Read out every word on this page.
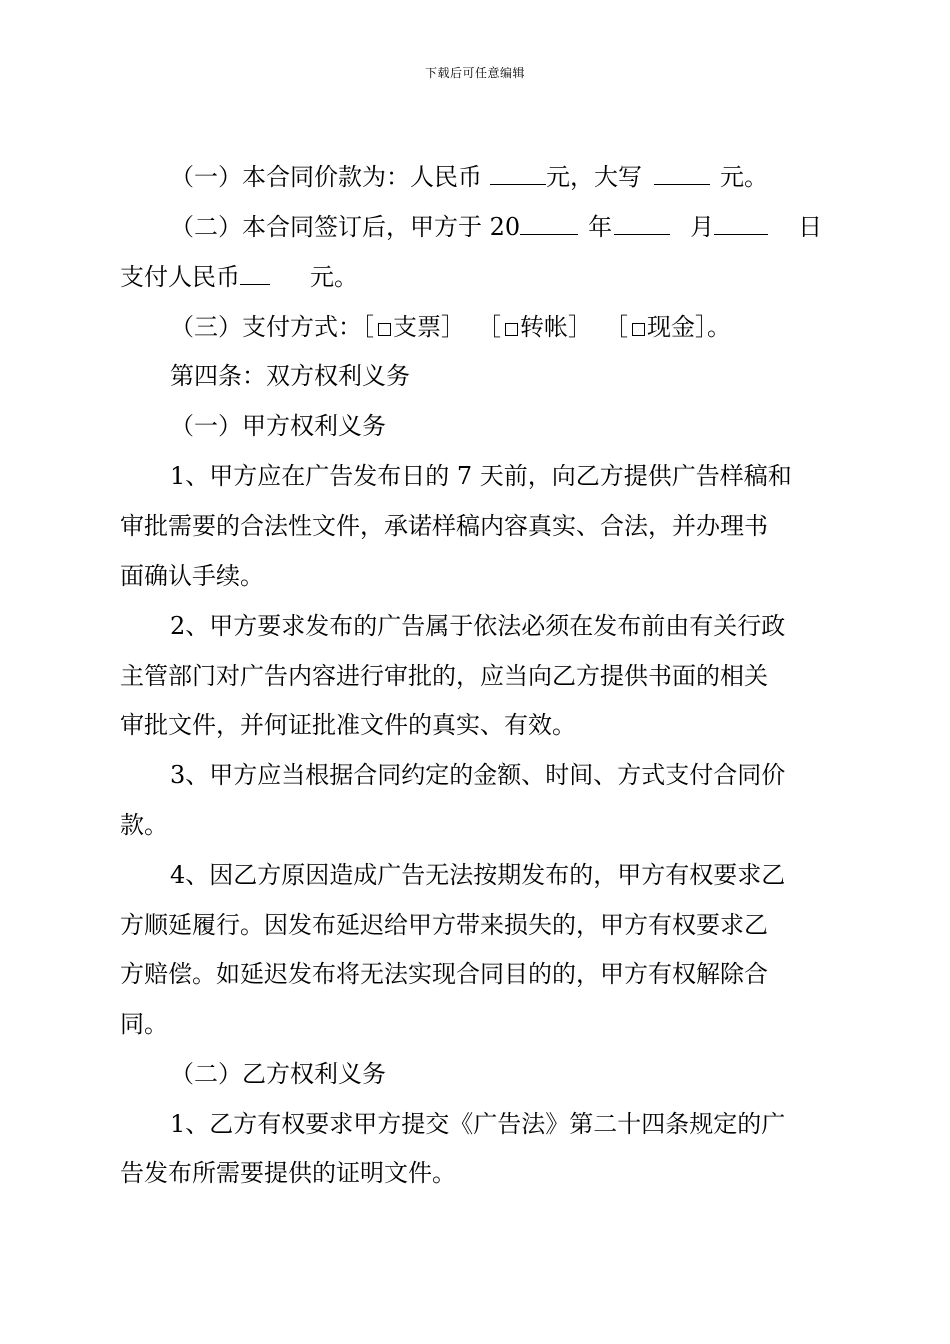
下载后可任意编辑
（一）本合同价款为：人民币	元，大写	元。
（二）本合同签订后，甲方于 20	年	月	日
支付人民币	元。
（三）支付方式：［ 支票］ ［ 转帐］ ［ 现金］。
第四条：双方权利义务
（一）甲方权利义务
1、甲方应在广告发布日的 7 天前，向乙方提供广告样稿和
审批需要的合法性文件，承诺样稿内容真实、合法，并办理书
面确认手续。
2、甲方要求发布的广告属于依法必须在发布前由有关行政
主管部门对广告内容进行审批的，应当向乙方提供书面的相关
审批文件，并何证批准文件的真实、有效。
3、甲方应当根据合同约定的金额、时间、方式支付合同价
款。
4、因乙方原因造成广告无法按期发布的，甲方有权要求乙
方顺延履行。因发布延迟给甲方带来损失的，甲方有权要求乙
方赔偿。如延迟发布将无法实现合同目的的，甲方有权解除合
同。
（二）乙方权利义务
1、乙方有权要求甲方提交《广告法》第二十四条规定的广
告发布所需要提供的证明文件。
